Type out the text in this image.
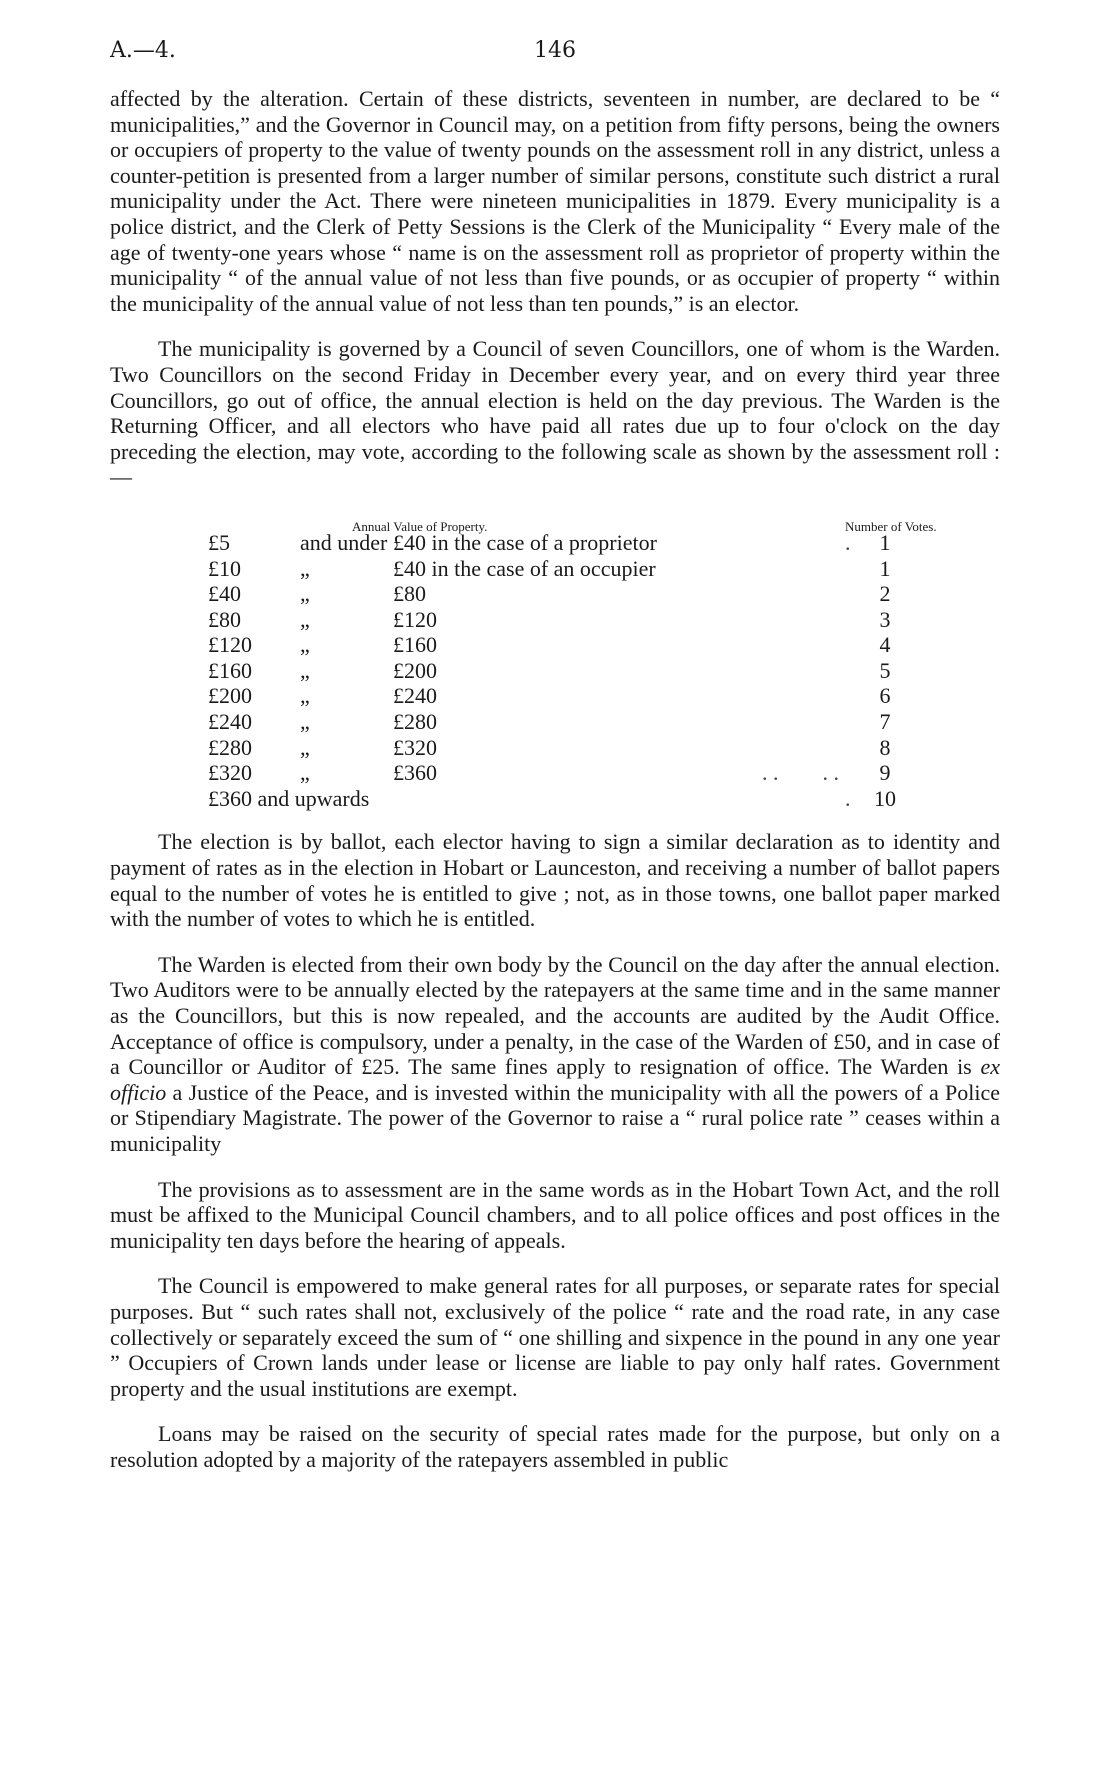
A.—4.	146

affected by the alteration. Certain of these districts, seventeen in number, are declared to be “ municipalities,” and the Governor in Council may, on a petition from fifty persons, being the owners or occupiers of property to the value of twenty pounds on the assessment roll in any district, unless a counter-petition is presented from a larger number of similar persons, constitute such district a rural municipality under the Act. There were nineteen municipalities in 1879. Every municipality is a police district, and the Clerk of Petty Sessions is the Clerk of the Municipality “ Every male of the age of twenty-one years whose “ name is on the assessment roll as proprietor of property within the municipality “ of the annual value of not less than five pounds, or as occupier of property “ within the municipality of the annual value of not less than ten pounds,” is an elector.

The municipality is governed by a Council of seven Councillors, one of whom is the Warden. Two Councillors on the second Friday in December every year, and on every third year three Councillors, go out of office, the annual election is held on the day previous. The Warden is the Returning Officer, and all electors who have paid all rates due up to four o'clock on the day preceding the election, may vote, according to the following scale as shown by the assessment roll :—

Annual Value of Property.	Number of Votes.
£5	and under £40 in the case of a proprietor	1
.
£10	„	£40 in the case of an occupier	1
£40	„	£80	2
£80	„	£120	3
£120 „	£160	4
£160 „	£200	5
£200 „	£240	6
£240 „	£280	7
£280 „	£320	8
£320 „	£360	9
. .        . .
£360 and upwards	10
.

The election is by ballot, each elector having to sign a similar declaration as to identity and payment of rates as in the election in Hobart or Launceston, and receiving a number of ballot papers equal to the number of votes he is entitled to give ; not, as in those towns, one ballot paper marked with the number of votes to which he is entitled.

The Warden is elected from their own body by the Council on the day after the annual election. Two Auditors were to be annually elected by the ratepayers at the same time and in the same manner as the Councillors, but this is now repealed, and the accounts are audited by the Audit Office. Acceptance of office is compulsory, under a penalty, in the case of the Warden of £50, and in case of a Councillor or Auditor of £25. The same fines apply to resignation of office. The Warden is ex officio a Justice of the Peace, and is invested within the municipality with all the powers of a Police or Stipendiary Magistrate. The power of the Governor to raise a “ rural police rate ” ceases within a municipality

The provisions as to assessment are in the same words as in the Hobart Town Act, and the roll must be affixed to the Municipal Council chambers, and to all police offices and post offices in the municipality ten days before the hearing of appeals.

The Council is empowered to make general rates for all purposes, or separate rates for special purposes. But “ such rates shall not, exclusively of the police “ rate and the road rate, in any case collectively or separately exceed the sum of “ one shilling and sixpence in the pound in any one year ” Occupiers of Crown lands under lease or license are liable to pay only half rates. Government property and the usual institutions are exempt.

Loans may be raised on the security of special rates made for the purpose, but only on a resolution adopted by a majority of the ratepayers assembled in public
